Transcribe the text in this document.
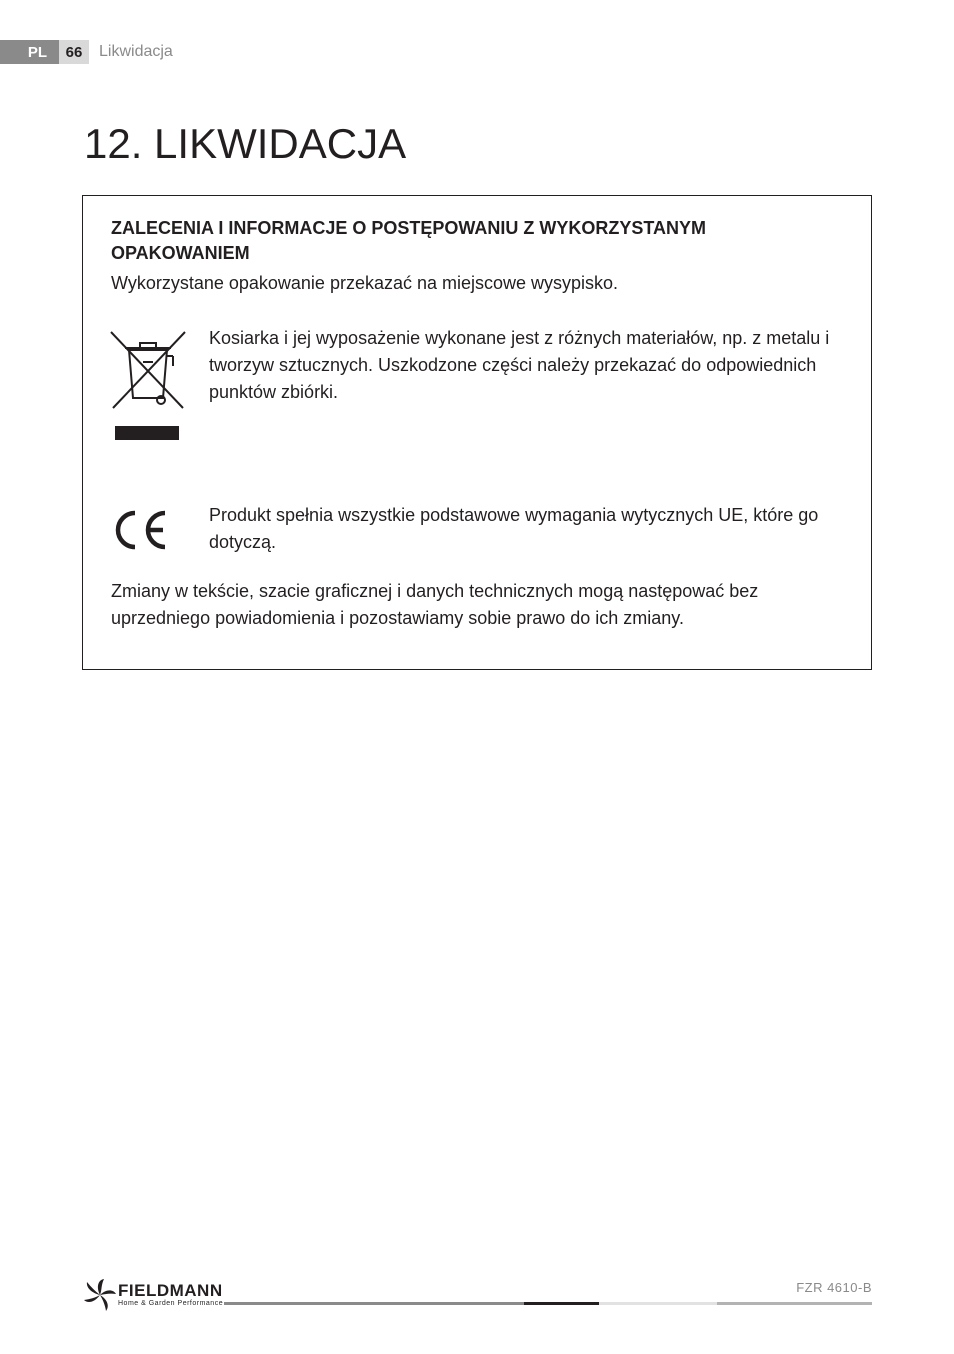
PL	66	Likwidacja
12. LIKWIDACJA

ZALECENIA I INFORMACJE O POSTĘPOWANIU Z WYKORZYSTANYM OPAKOWANIEM

Wykorzystane opakowanie przekazać na miejscowe wysypisko.

Kosiarka i jej wyposażenie wykonane jest z różnych materiałów, np. z metalu i tworzyw sztucznych. Uszkodzone części należy przekazać do odpowiednich punktów zbiórki.

Produkt spełnia wszystkie podstawowe wymagania wytycznych UE, które go dotyczą.

Zmiany w tekście, szacie graficznej i danych technicznych mogą następować bez uprzedniego powiadomienia i pozostawiamy sobie prawo do ich zmiany.

FIELDMANN
Home & Garden Performance
FZR 4610-B
